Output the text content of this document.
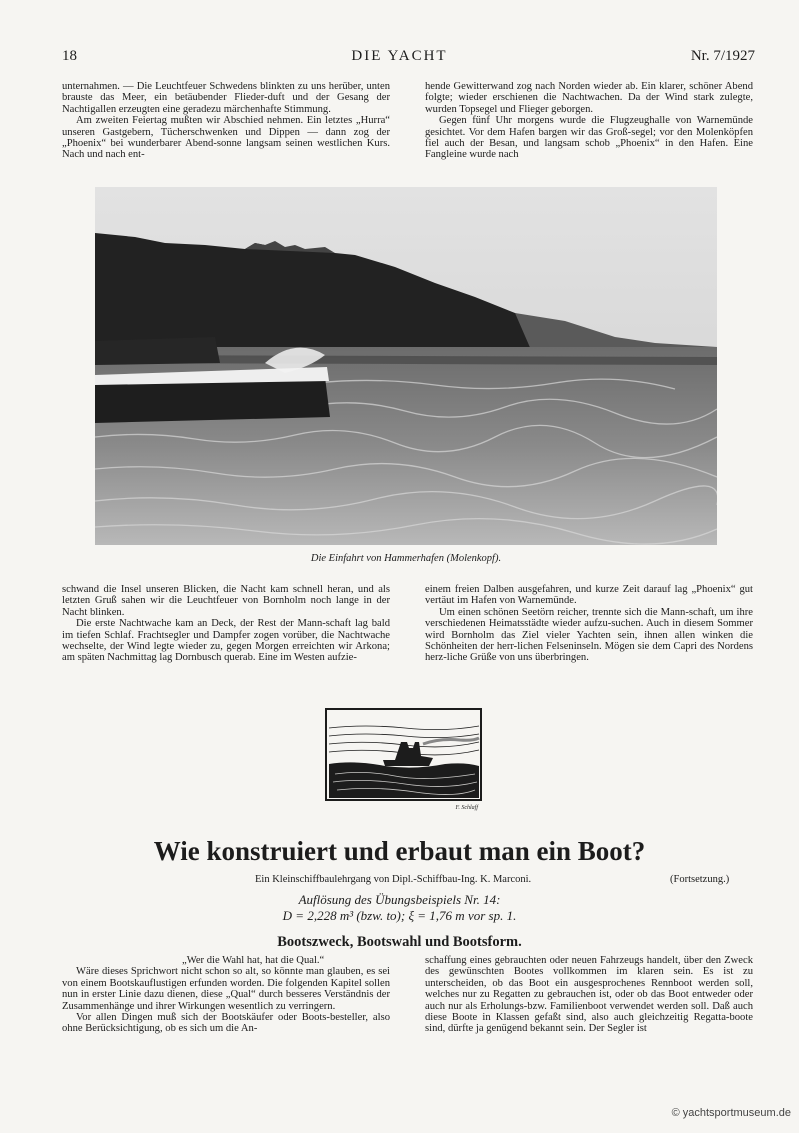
18	DIE YACHT	Nr. 7/1927

unternahmen. — Die Leuchtfeuer Schwedens blinkten zu uns herüber, unten brauste das Meer, ein betäubender Flieder-duft und der Gesang der Nachtigallen erzeugten eine geradezu märchenhafte Stimmung.

Am zweiten Feiertag mußten wir Abschied nehmen. Ein letztes „Hurra“ unseren Gastgebern, Tücherschwenken und Dippen — dann zog der „Phoenix“ bei wunderbarer Abend-sonne langsam seinen westlichen Kurs. Nach und nach ent-

hende Gewitterwand zog nach Norden wieder ab. Ein klarer, schöner Abend folgte; wieder erschienen die Nachtwachen. Da der Wind stark zulegte, wurden Topsegel und Flieger geborgen.

Gegen fünf Uhr morgens wurde die Flugzeughalle von Warnemünde gesichtet. Vor dem Hafen bargen wir das Groß-segel; vor den Molenköpfen fiel auch der Besan, und langsam schob „Phoenix“ in den Hafen. Eine Fangleine wurde nach

Die Einfahrt von Hammerhafen (Molenkopf).

schwand die Insel unseren Blicken, die Nacht kam schnell heran, und als letzten Gruß sahen wir die Leuchtfeuer von Bornholm noch lange in der Nacht blinken.

Die erste Nachtwache kam an Deck, der Rest der Mann-schaft lag bald im tiefen Schlaf. Frachtsegler und Dampfer zogen vorüber, die Nachtwache wechselte, der Wind legte wieder zu, gegen Morgen erreichten wir Arkona; am späten Nachmittag lag Dornbusch querab. Eine im Westen aufzie-

einem freien Dalben ausgefahren, und kurze Zeit darauf lag „Phoenix“ gut vertäut im Hafen von Warnemünde.

Um einen schönen Seetörn reicher, trennte sich die Mann-schaft, um ihre verschiedenen Heimatsstädte wieder aufzu-suchen. Auch in diesem Sommer wird Bornholm das Ziel vieler Yachten sein, ihnen allen winken die Schönheiten der herr-lichen Felseninseln. Mögen sie dem Capri des Nordens herz-liche Grüße von uns überbringen.

F. Schlaff
Wie konstruiert und erbaut man ein Boot?
Ein Kleinschiffbaulehrgang von Dipl.-Schiffbau-Ing. K. Marconi.	(Fortsetzung.)
Auflösung des Übungsbeispiels Nr. 14:
D = 2,228 m³ (bzw. to); ξ = 1,76 m vor sp. 1.
Bootszweck, Bootswahl und Bootsform.

„Wer die Wahl hat, hat die Qual.“

Wäre dieses Sprichwort nicht schon so alt, so könnte man glauben, es sei von einem Bootskauflustigen erfunden worden. Die folgenden Kapitel sollen nun in erster Linie dazu dienen, diese „Qual“ durch besseres Verständnis der Zusammenhänge und ihrer Wirkungen wesentlich zu verringern.

Vor allen Dingen muß sich der Bootskäufer oder Boots-besteller, also ohne Berücksichtigung, ob es sich um die An-

schaffung eines gebrauchten oder neuen Fahrzeugs handelt, über den Zweck des gewünschten Bootes vollkommen im klaren sein. Es ist zu unterscheiden, ob das Boot ein ausgesprochenes Rennboot werden soll, welches nur zu Regatten zu gebrauchen ist, oder ob das Boot entweder oder auch nur als Erholungs-bzw. Familienboot verwendet werden soll. Daß auch diese Boote in Klassen gefaßt sind, also auch gleichzeitig Regatta-boote sind, dürfte ja genügend bekannt sein. Der Segler ist

© yachtsportmuseum.de
